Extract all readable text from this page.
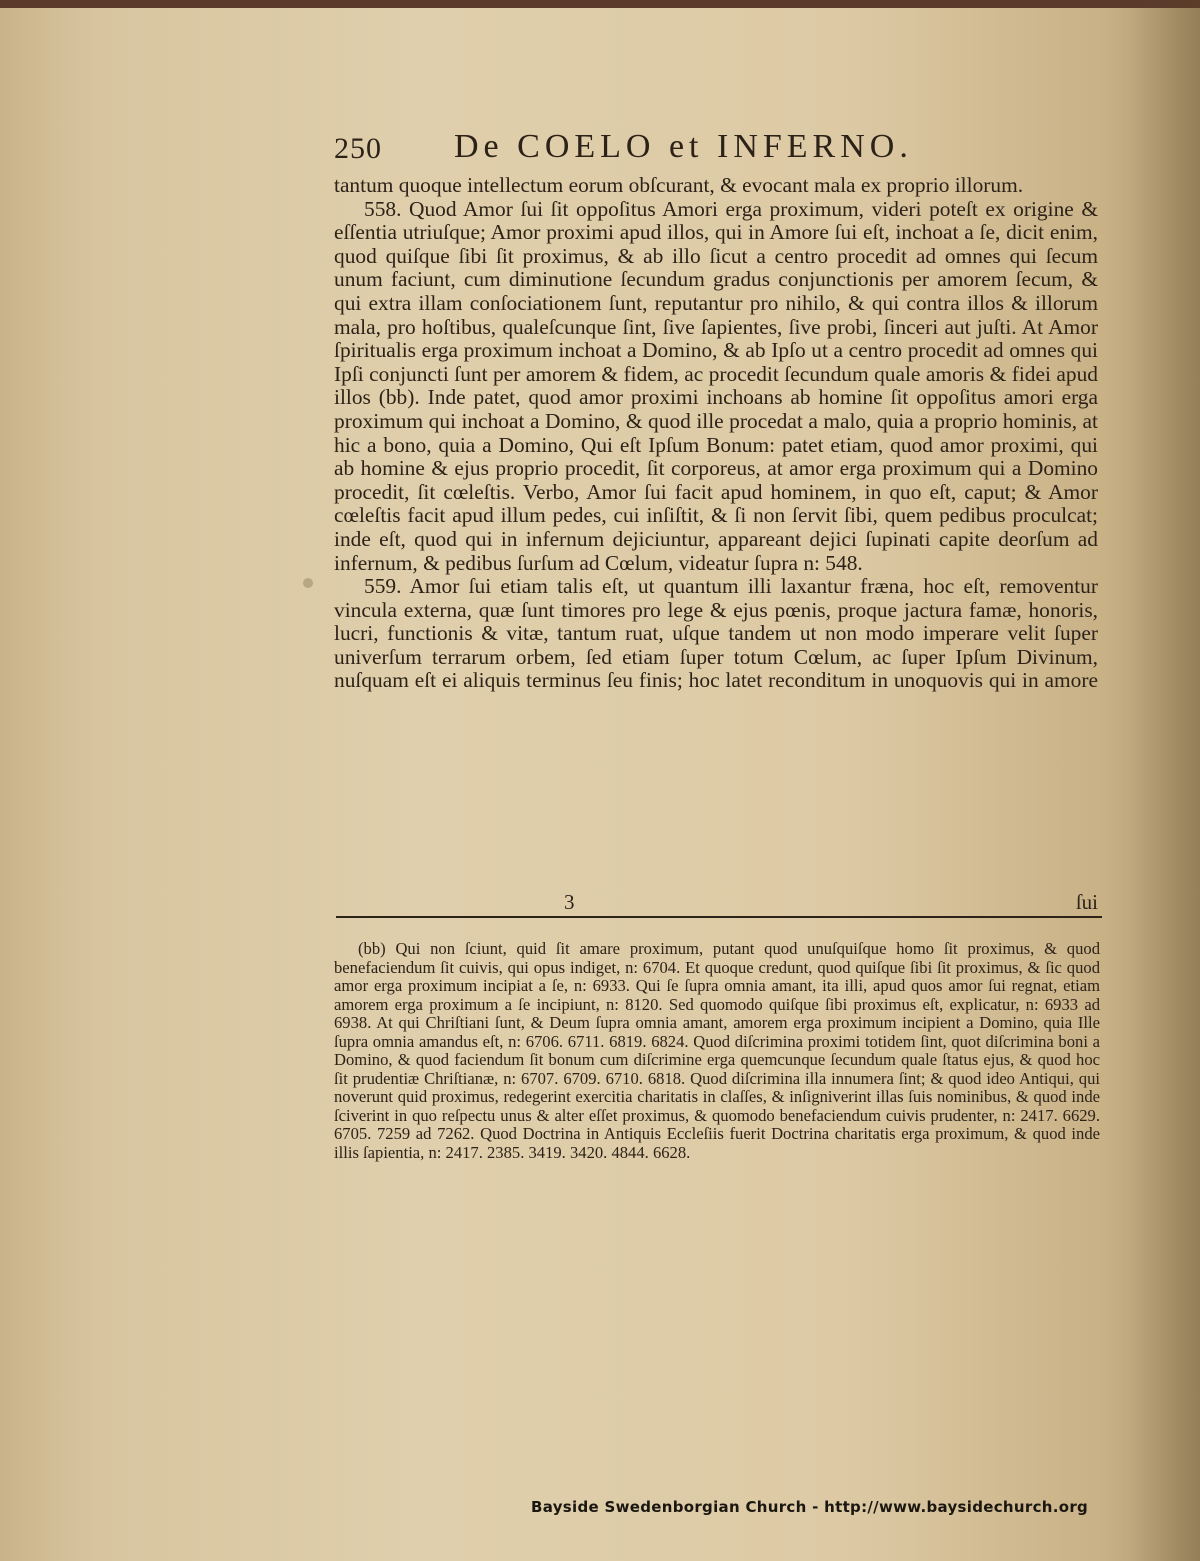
250 De COELO et INFERNO.

tantum quoque intellectum eorum obſcurant, & evocant mala ex proprio illorum.

558. Quod Amor ſui ſit oppoſitus Amori erga proximum, videri poteſt ex origine & eſſentia utriuſque; Amor proximi apud illos, qui in Amore ſui eſt, inchoat a ſe, dicit enim, quod quiſque ſibi ſit proximus, & ab illo ſicut a centro procedit ad omnes qui ſecum unum faciunt, cum diminutione ſecundum gradus conjunctionis per amorem ſecum, & qui extra illam conſociationem ſunt, reputantur pro nihilo, & qui contra illos & illorum mala, pro hoſtibus, qualeſcunque ſint, ſive ſapientes, ſive probi, ſinceri aut juſti. At Amor ſpiritualis erga proximum inchoat a Domino, & ab Ipſo ut a centro procedit ad omnes qui Ipſi conjuncti ſunt per amorem & fidem, ac procedit ſecundum quale amoris & fidei apud illos (bb). Inde patet, quod amor proximi inchoans ab homine ſit oppoſitus amori erga proximum qui inchoat a Domino, & quod ille procedat a malo, quia a proprio hominis, at hic a bono, quia a Domino, Qui eſt Ipſum Bonum: patet etiam, quod amor proximi, qui ab homine & ejus proprio procedit, ſit corporeus, at amor erga proximum qui a Domino procedit, ſit cœleſtis. Verbo, Amor ſui facit apud hominem, in quo eſt, caput; & Amor cœleſtis facit apud illum pedes, cui inſiſtit, & ſi non ſervit ſibi, quem pedibus proculcat; inde eſt, quod qui in infernum dejiciuntur, appareant dejici ſupinati capite deorſum ad infernum, & pedibus ſurſum ad Cœlum, videatur ſupra n: 548.

559. Amor ſui etiam talis eſt, ut quantum illi laxantur fræna, hoc eſt, removentur vincula externa, quæ ſunt timores pro lege & ejus pœnis, proque jactura famæ, honoris, lucri, functionis & vitæ, tantum ruat, uſque tandem ut non modo imperare velit ſuper univerſum terrarum orbem, ſed etiam ſuper totum Cœlum, ac ſuper Ipſum Divinum, nuſquam eſt ei aliquis terminus ſeu finis; hoc latet reconditum in unoquovis qui in amore

3	ſui

(bb) Qui non ſciunt, quid ſit amare proximum, putant quod unuſquiſque homo ſit proximus, & quod benefaciendum ſit cuivis, qui opus indiget, n: 6704. Et quoque credunt, quod quiſque ſibi ſit proximus, & ſic quod amor erga proximum incipiat a ſe, n: 6933. Qui ſe ſupra omnia amant, ita illi, apud quos amor ſui regnat, etiam amorem erga proximum a ſe incipiunt, n: 8120. Sed quomodo quiſque ſibi proximus eſt, explicatur, n: 6933 ad 6938. At qui Chriſtiani ſunt, & Deum ſupra omnia amant, amorem erga proximum incipient a Domino, quia Ille ſupra omnia amandus eſt, n: 6706. 6711. 6819. 6824. Quod diſcrimina proximi totidem ſint, quot diſcrimina boni a Domino, & quod faciendum ſit bonum cum diſcrimine erga quemcunque ſecundum quale ſtatus ejus, & quod hoc ſit prudentiæ Chriſtianæ, n: 6707. 6709. 6710. 6818. Quod diſcrimina illa innumera ſint; & quod ideo Antiqui, qui noverunt quid proximus, redegerint exercitia charitatis in claſſes, & inſigniverint illas ſuis nominibus, & quod inde ſciverint in quo reſpectu unus & alter eſſet proximus, & quomodo benefaciendum cuivis prudenter, n: 2417. 6629. 6705. 7259 ad 7262. Quod Doctrina in Antiquis Eccleſiis fuerit Doctrina charitatis erga proximum, & quod inde illis ſapientia, n: 2417. 2385. 3419. 3420. 4844. 6628.

Bayside Swedenborgian Church - http://www.baysidechurch.org
